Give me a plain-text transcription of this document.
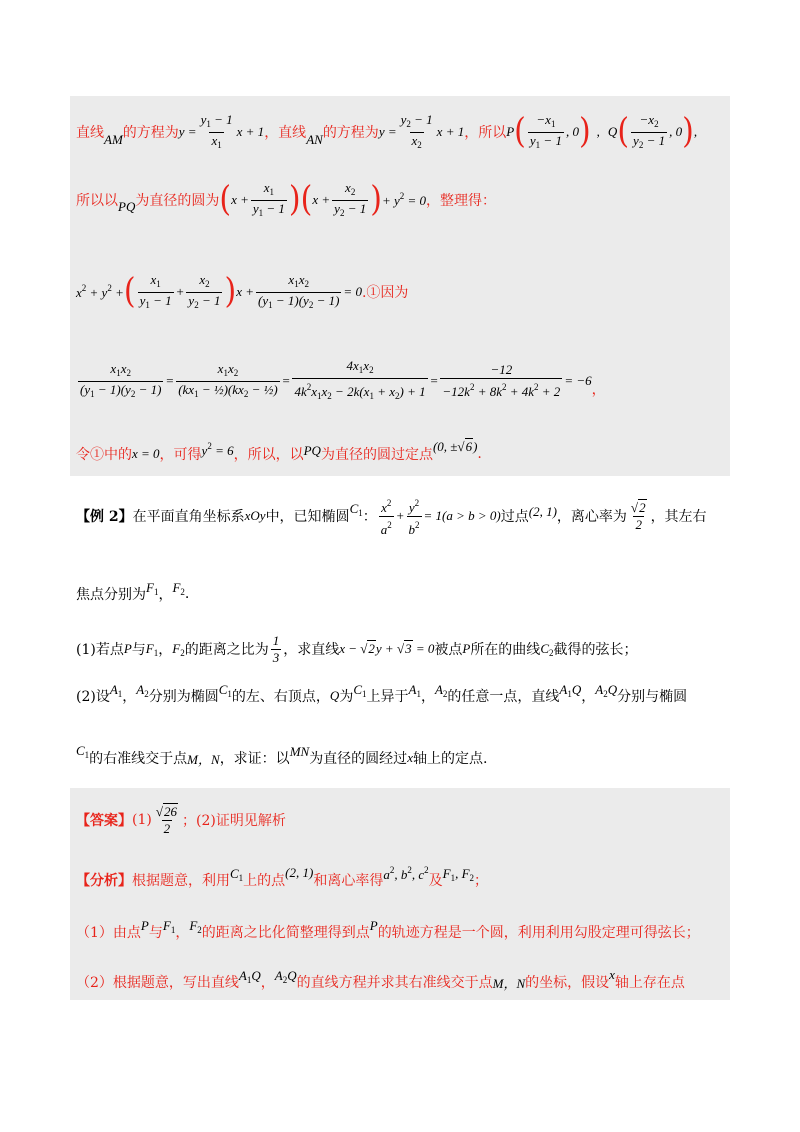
直线 AM 的方程为 $y = \frac{y_1 - 1}{x_1}$ x + 1 ，直线 AN 的方程为 $y = \frac{y_2 - 1}{x_2}$ x + 1 ，所以 P ( $\frac{-x_1}{y_1 - 1}$ , 0 ) , Q ( $\frac{-x_2}{y_2 - 1}$ , 0 ) ,
所以以 PQ 为直径的圆为 ( $x + \frac{x_1}{y_1 - 1}$ ) ( $x + \frac{x_2}{y_2 - 1}$ ) + $y^2 = 0$ ，整理得：
$x^2 + y^2$ + ( $\frac{x_1}{y_1 - 1} + \frac{x_2}{y_2 - 1}$ ) $x + \frac{x_1x_2}{(y_1 - 1)(y_2 - 1)} = 0$ .①因为
$\frac{x_1x_2}{(y_1 - 1)(y_2 - 1)} = \frac{x_1x_2}{(kx_1 - \frac{1}{2})(kx_2 - \frac{1}{2})} = \frac{4x_1x_2}{4k^2x_1x_2 - 2k(x_1 + x_2) + 1} = \frac{-12}{-12k^2 + 8k^2 + 4k^2 + 2} = -6$
，
令①中的 x = 0 ，可得 $y^2 = 6$ ，所以，以 PQ 为直径的圆过定点
(0, ±√6) .
【例 2】 在平面直角坐标系 xOy 中，已知椭圆
$C_1$ ： $\frac{x^2}{a^2} + \frac{y^2}{b^2} = 1(a > b > 0)$ 过点 (2, 1) ，离心率为 $\frac{√2}{2}$ ，其左右
焦点分别为 $F_1$ ， $F_2$ .
(1)若点 P 与 $F_1$ ， $F_2$ 的距离之比为 $\frac{1}{3}$ ，求直线 x − √2y + √3 = 0 被点 P 所在的曲线 $C_2$ 截得的弦长；
(2)设 $A_1$ ， $A_2$ 分别为椭圆 $C_1$ 的左、右顶点， Q 为 $C_1$ 上异于 $A_1$ ， $A_2$ 的任意一点，直线 $A_1Q$ ， $A_2Q$ 分别与椭圆
$C_1$ 的右准线交于点 M，N ，求证：以 MN 为直径的圆经过 x 轴上的定点.
【答案】 $(1) \frac{√26}{2}$ ；(2)证明见解析
【分析】 根据题意，利用 $C_1$ 上的点
(2, 1)
和离心率得 $a^2$, $b^2$, $c^2$
及 $F_1$, $F_2$ ；
（1）由点 P 与 $F_1$ ， $F_2$ 的距离之比化简整理得到点 P 的轨迹方程是一个圆，利用利用勾股定理可得弦长；
（2）根据题意，写出直线 $A_1Q$ ， $A_2Q$ 的直线方程并求其右准线交于点 M，N 的坐标，假设
x
轴上存在点
